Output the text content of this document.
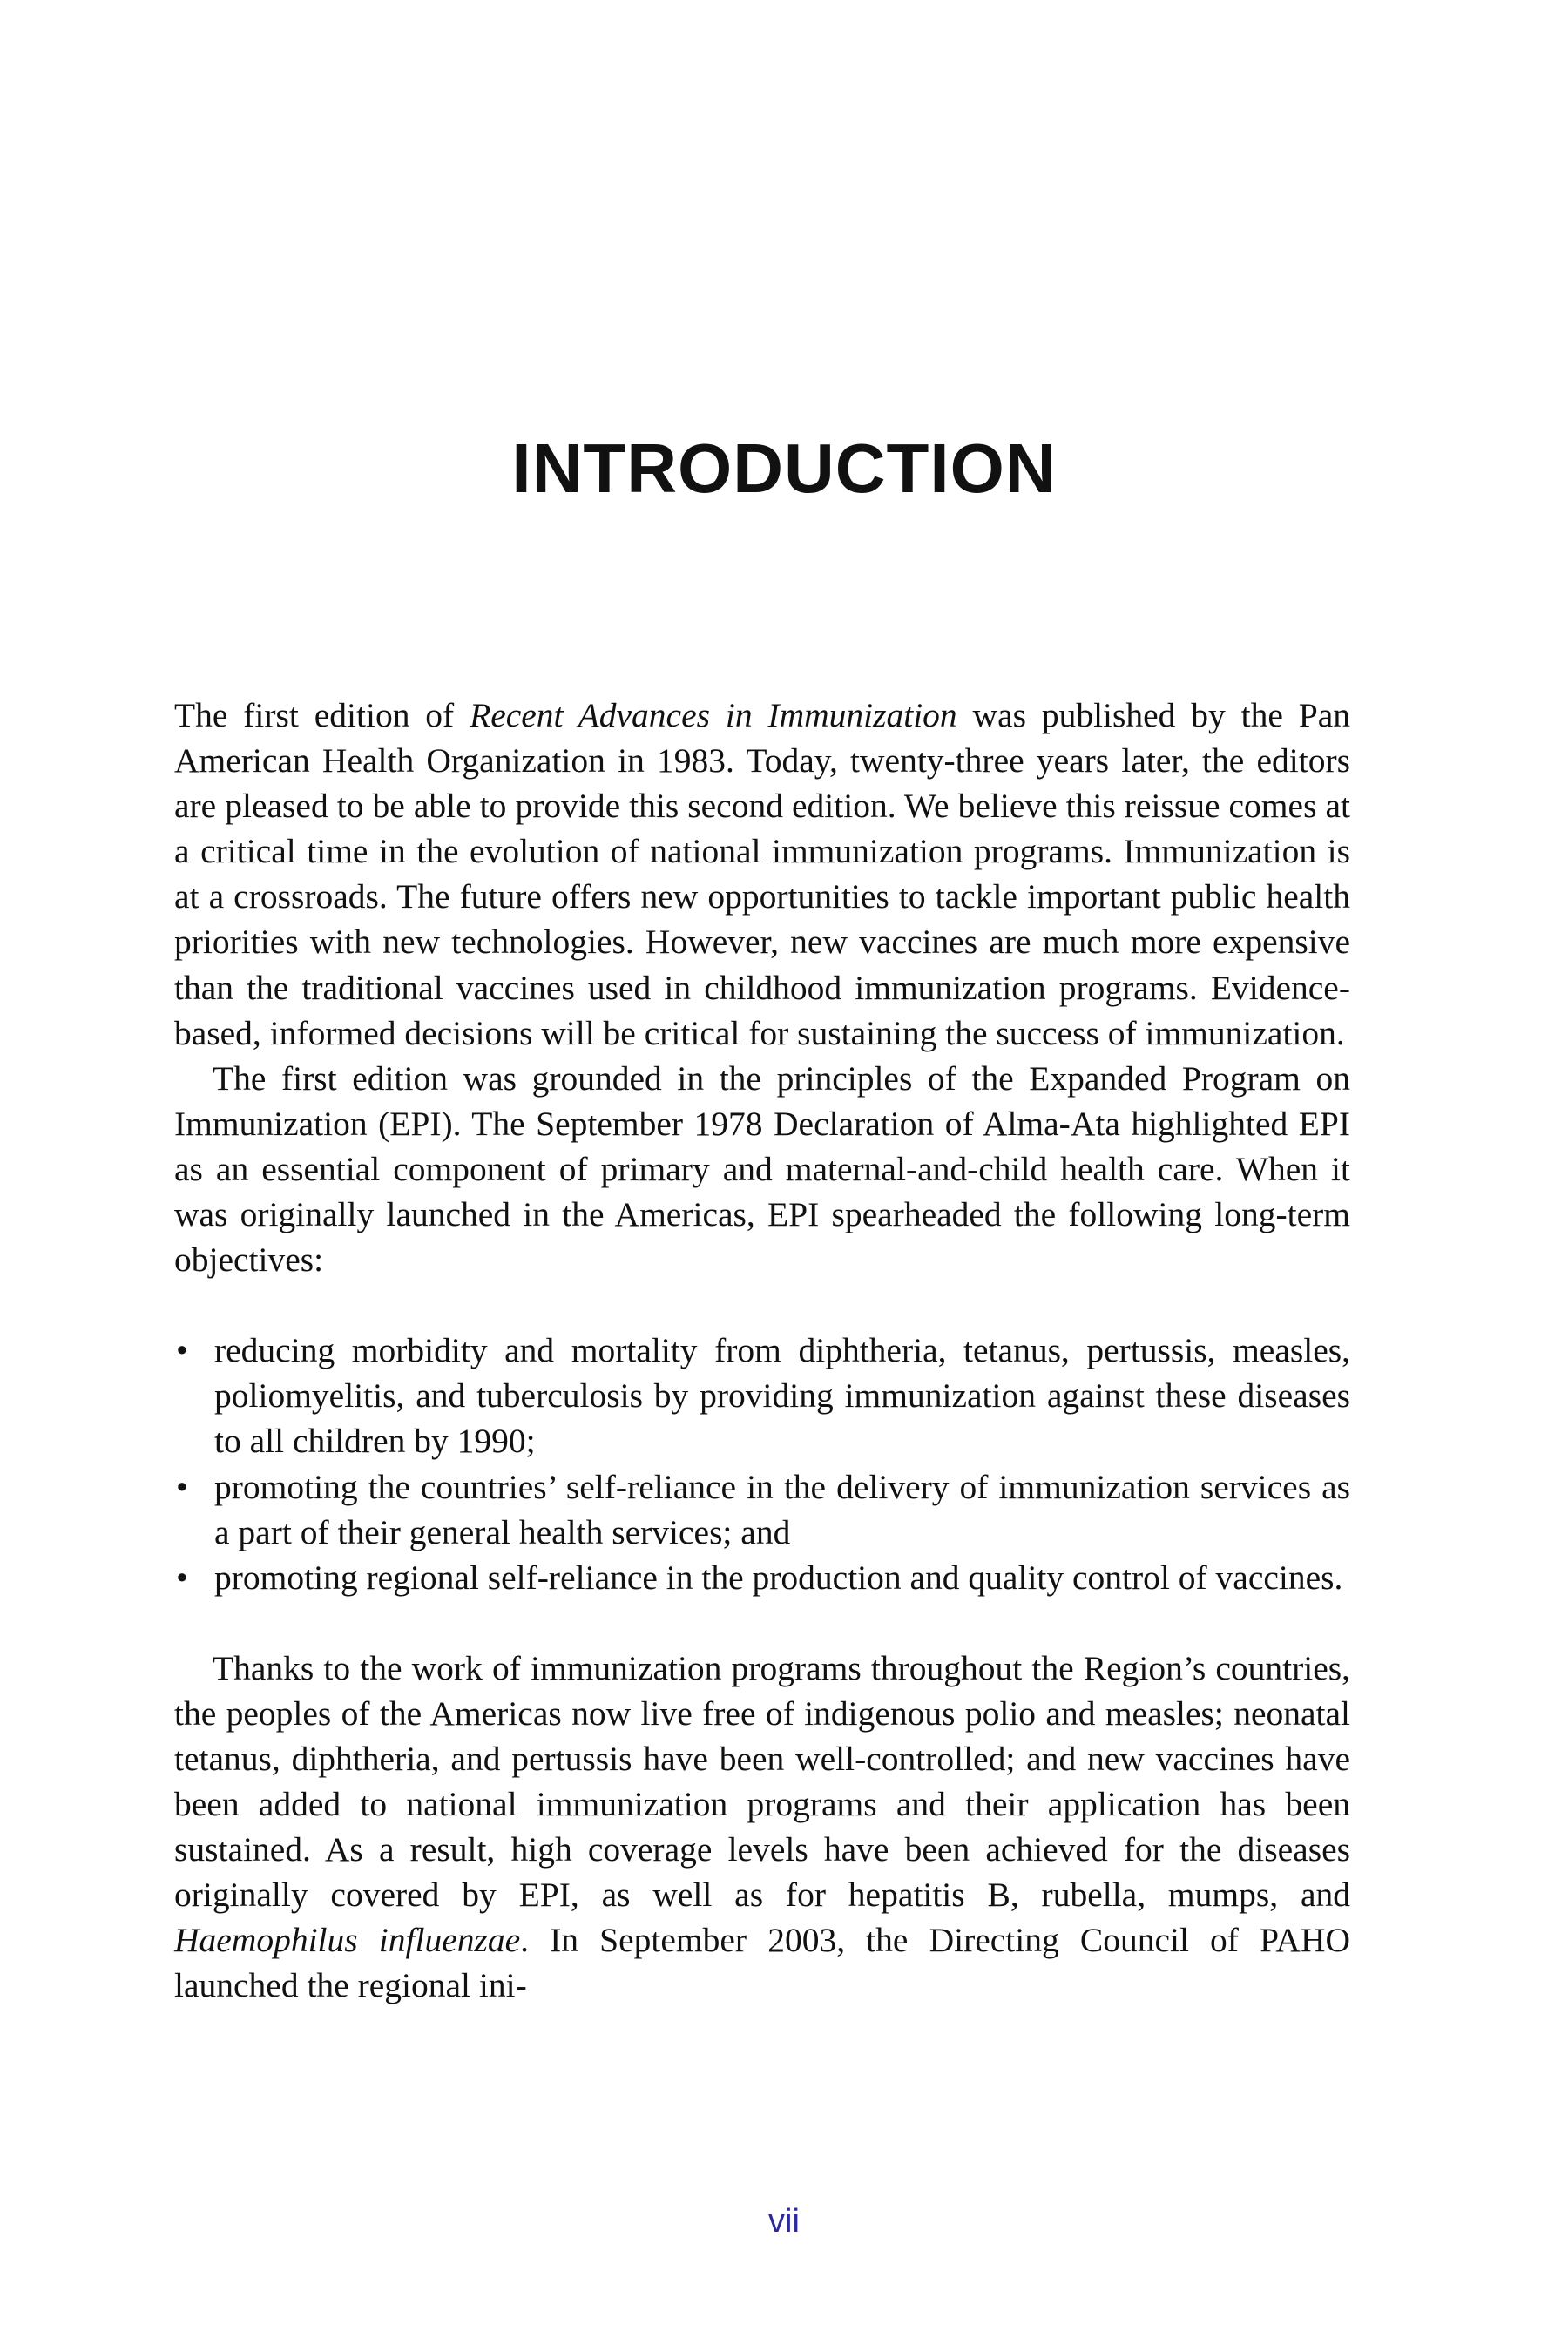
INTRODUCTION

The first edition of Recent Advances in Immunization was published by the Pan American Health Organization in 1983. Today, twenty-three years later, the editors are pleased to be able to provide this second edition. We believe this reissue comes at a critical time in the evolution of national immunization programs. Immunization is at a crossroads. The future offers new opportunities to tackle important public health priorities with new technologies. However, new vaccines are much more expensive than the traditional vaccines used in childhood immunization programs. Evidence-based, informed decisions will be critical for sustaining the success of immunization.

The first edition was grounded in the principles of the Expanded Program on Immunization (EPI). The September 1978 Declaration of Alma-Ata highlighted EPI as an essential component of primary and maternal-and-child health care. When it was originally launched in the Americas, EPI spearheaded the following long-term objectives:

• reducing morbidity and mortality from diphtheria, tetanus, pertussis, measles, poliomyelitis, and tuberculosis by providing immunization against these diseases to all children by 1990;
• promoting the countries’ self-reliance in the delivery of immunization services as a part of their general health services; and
• promoting regional self-reliance in the production and quality control of vaccines.

Thanks to the work of immunization programs throughout the Region’s countries, the peoples of the Americas now live free of indigenous polio and measles; neonatal tetanus, diphtheria, and pertussis have been well-controlled; and new vaccines have been added to national immunization programs and their application has been sustained. As a result, high coverage levels have been achieved for the diseases originally covered by EPI, as well as for hepatitis B, rubella, mumps, and Haemophilus influenzae. In September 2003, the Directing Council of PAHO launched the regional ini-

vii
